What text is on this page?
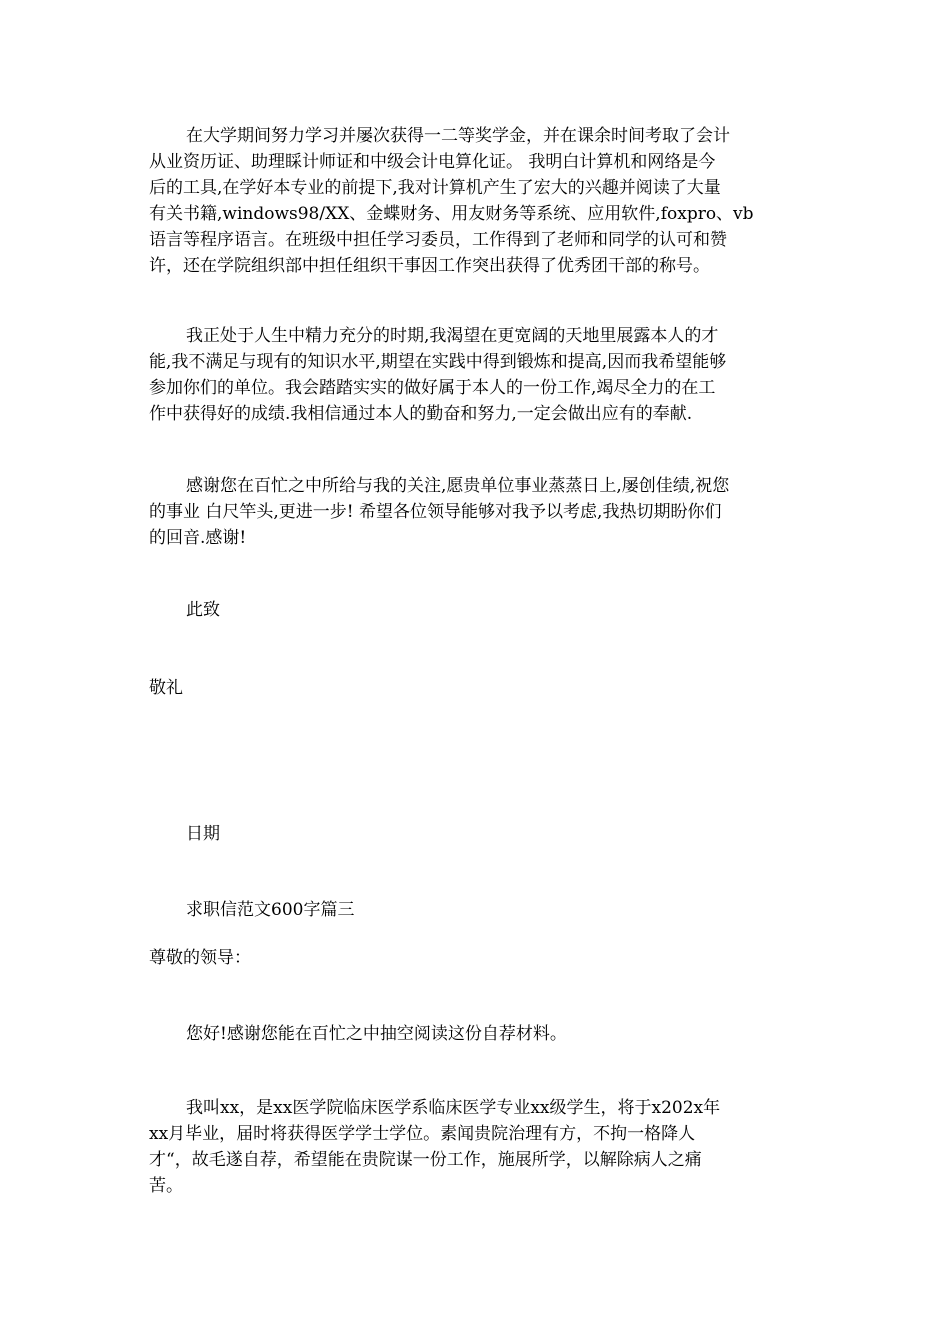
在大学期间努力学习并屡次获得一二等奖学金，并在课余时间考取了会计
从业资历证、助理睬计师证和中级会计电算化证。 我明白计算机和网络是今
后的工具,在学好本专业的前提下,我对计算机产生了宏大的兴趣并阅读了大量
有关书籍,windows98/XX、金蝶财务、用友财务等系统、应用软件,foxpro、vb
语言等程序语言。在班级中担任学习委员，工作得到了老师和同学的认可和赞
许，还在学院组织部中担任组织干事因工作突出获得了优秀团干部的称号。
我正处于人生中精力充分的时期,我渴望在更宽阔的天地里展露本人的才
能,我不满足与现有的知识水平,期望在实践中得到锻炼和提高,因而我希望能够
参加你们的单位。我会踏踏实实的做好属于本人的一份工作,竭尽全力的在工
作中获得好的成绩.我相信通过本人的勤奋和努力,一定会做出应有的奉献.
感谢您在百忙之中所给与我的关注,愿贵单位事业蒸蒸日上,屡创佳绩,祝您
的事业 白尺竿头,更进一步! 希望各位领导能够对我予以考虑,我热切期盼你们
的回音.感谢!
此致
敬礼
日期
求职信范文600字篇三
尊敬的领导：
您好!感谢您能在百忙之中抽空阅读这份自荐材料。
我叫xx，是xx医学院临床医学系临床医学专业xx级学生，将于x202x年
xx月毕业，届时将获得医学学士学位。素闻贵院治理有方，不拘一格降人
才“，故毛遂自荐，希望能在贵院谋一份工作，施展所学，以解除病人之痛
苦。
